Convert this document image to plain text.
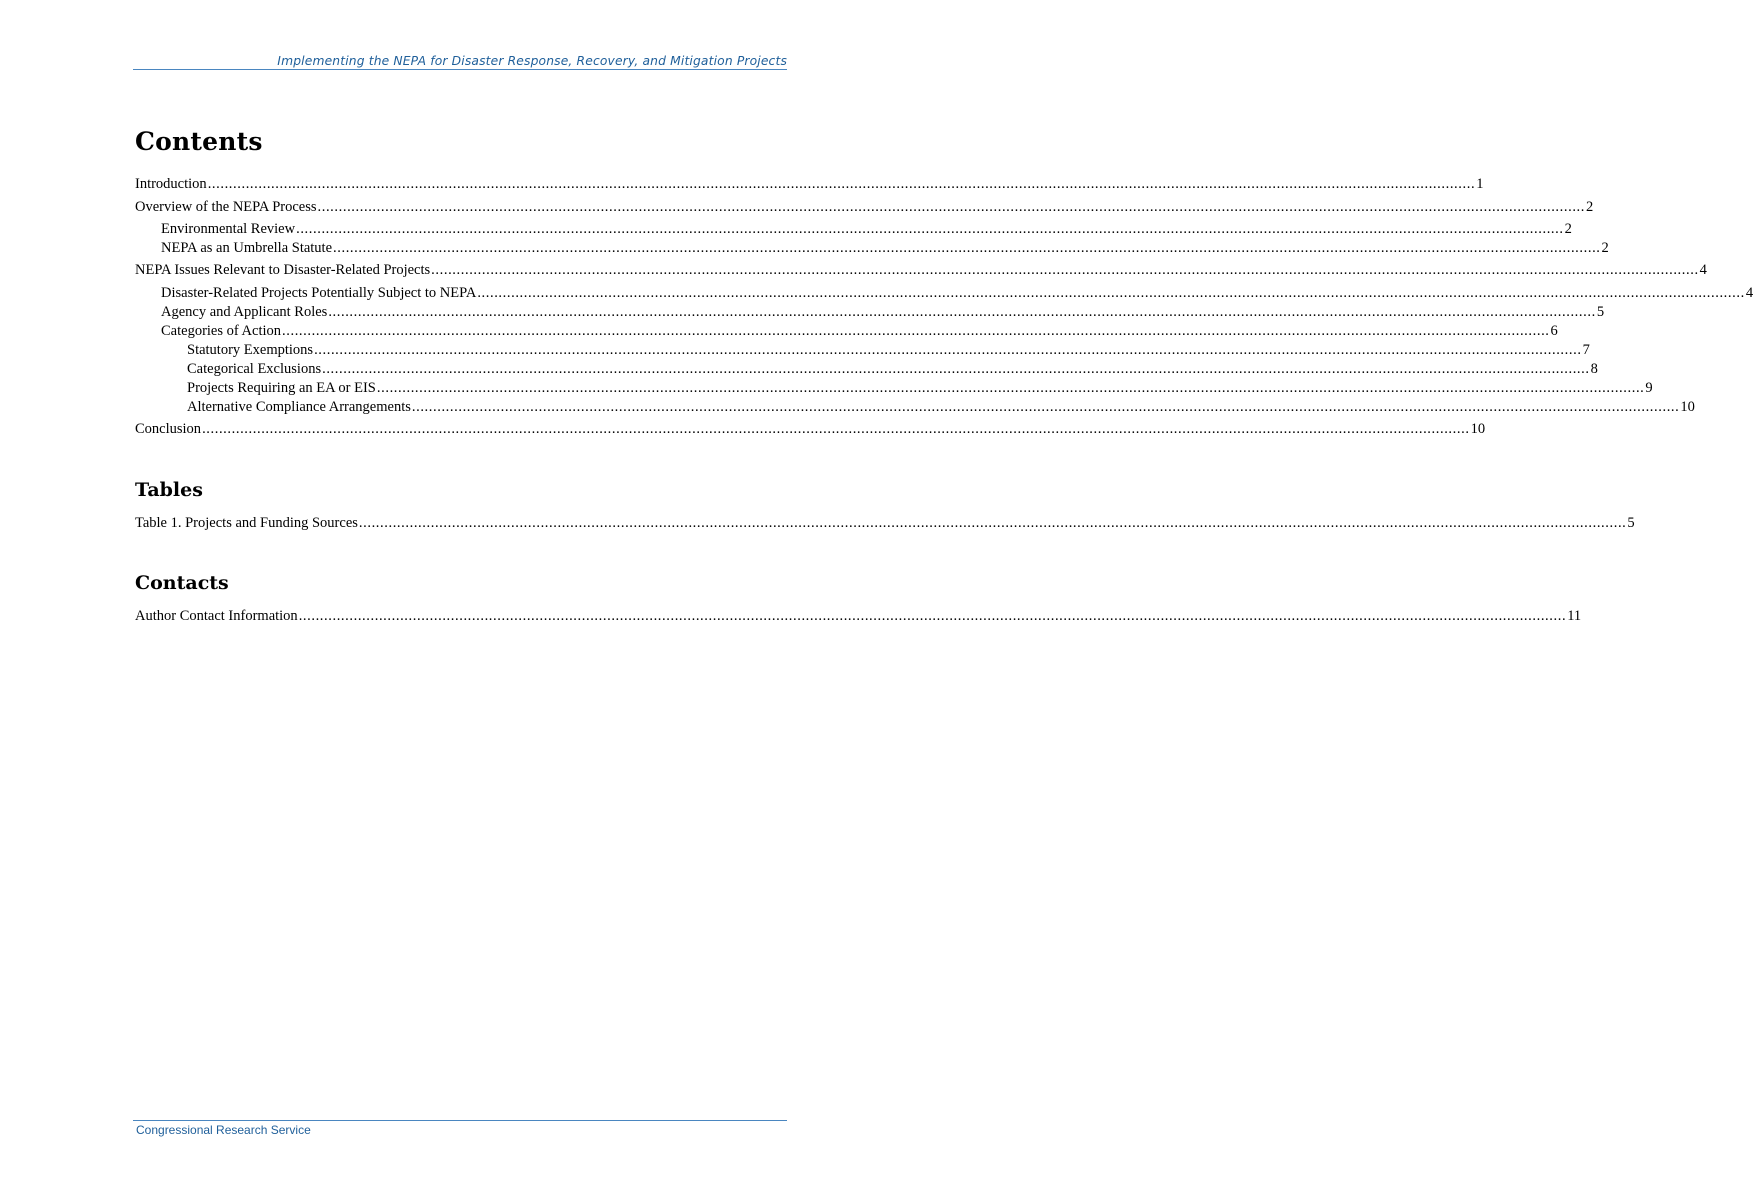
Implementing the NEPA for Disaster Response, Recovery, and Mitigation Projects
Contents
Introduction ............................................................................................................................................................................................................................................................................................................ 1
Overview of the NEPA Process ............................................................................................................................................................................................................................................................................................................ 2
Environmental Review ............................................................................................................................................................................................................................................................................................................ 2
NEPA as an Umbrella Statute ............................................................................................................................................................................................................................................................................................................ 2
NEPA Issues Relevant to Disaster-Related Projects ............................................................................................................................................................................................................................................................................................................ 4
Disaster-Related Projects Potentially Subject to NEPA ............................................................................................................................................................................................................................................................................................................ 4
Agency and Applicant Roles ............................................................................................................................................................................................................................................................................................................ 5
Categories of Action ............................................................................................................................................................................................................................................................................................................ 6
Statutory Exemptions ............................................................................................................................................................................................................................................................................................................ 7
Categorical Exclusions ............................................................................................................................................................................................................................................................................................................ 8
Projects Requiring an EA or EIS ............................................................................................................................................................................................................................................................................................................ 9
Alternative Compliance Arrangements ............................................................................................................................................................................................................................................................................................................ 10
Conclusion ............................................................................................................................................................................................................................................................................................................ 10
Tables
Table 1. Projects and Funding Sources ............................................................................................................................................................................................................................................................................................................ 5
Contacts
Author Contact Information ............................................................................................................................................................................................................................................................................................................ 11
Congressional Research Service
